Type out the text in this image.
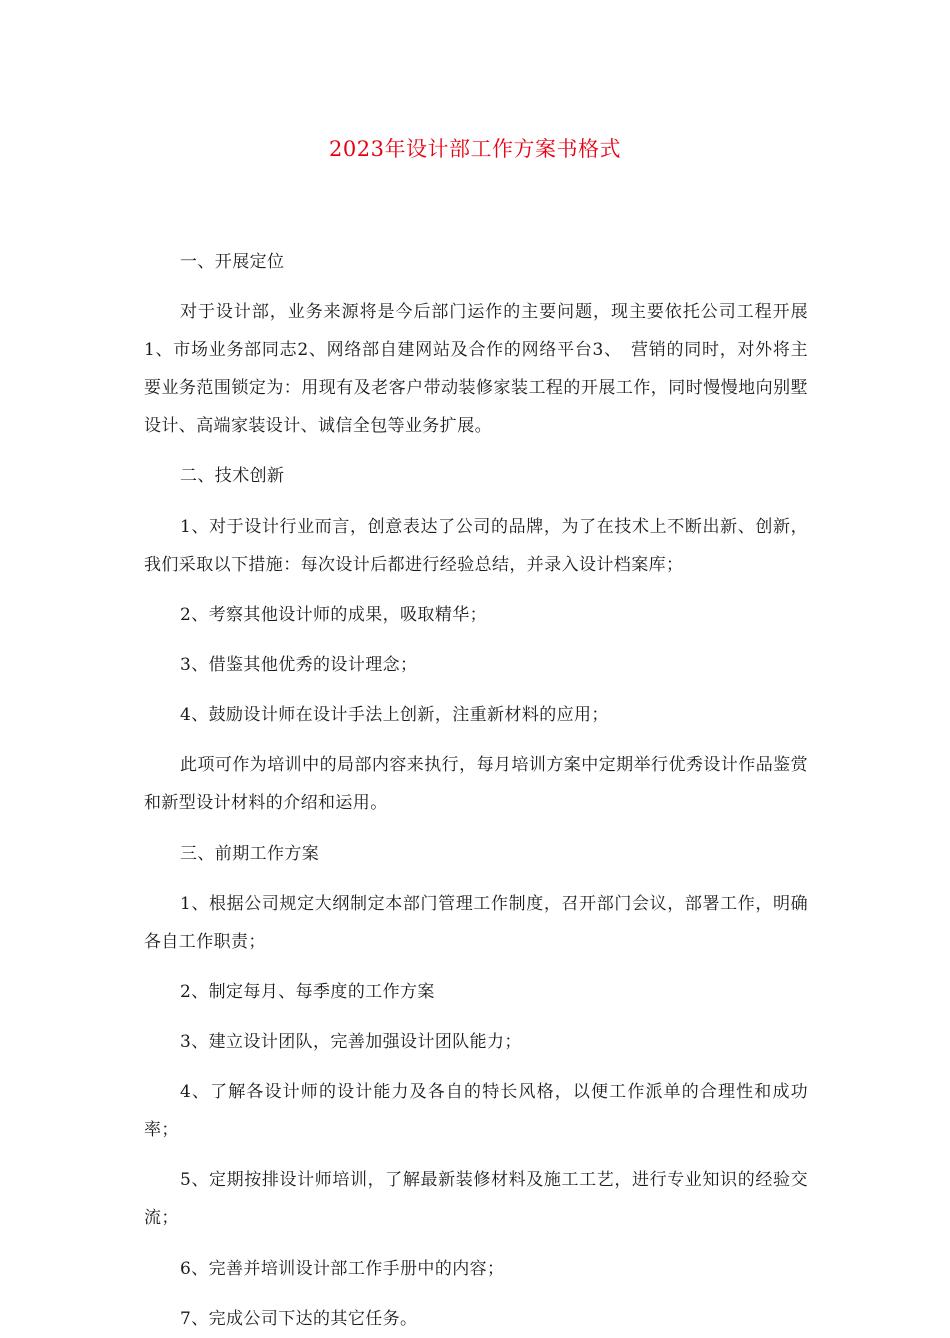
2023年设计部工作方案书格式

一、开展定位

对于设计部，业务来源将是今后部门运作的主要问题，现主要依托公司工程开展1、市场业务部同志2、网络部自建网站及合作的网络平台3、　营销的同时，对外将主要业务范围锁定为：用现有及老客户带动装修家装工程的开展工作，同时慢慢地向别墅设计、高端家装设计、诚信全包等业务扩展。

二、技术创新

1、对于设计行业而言，创意表达了公司的品牌，为了在技术上不断出新、创新，我们采取以下措施：每次设计后都进行经验总结，并录入设计档案库；

2、考察其他设计师的成果，吸取精华；

3、借鉴其他优秀的设计理念；

4、鼓励设计师在设计手法上创新，注重新材料的应用；

此项可作为培训中的局部内容来执行，每月培训方案中定期举行优秀设计作品鉴赏和新型设计材料的介绍和运用。

三、前期工作方案

1、根据公司规定大纲制定本部门管理工作制度，召开部门会议，部署工作，明确各自工作职责；

2、制定每月、每季度的工作方案

3、建立设计团队，完善加强设计团队能力；

4、了解各设计师的设计能力及各自的特长风格，以便工作派单的合理性和成功率；

5、定期按排设计师培训，了解最新装修材料及施工工艺，进行专业知识的经验交流；

6、完善并培训设计部工作手册中的内容；

7、完成公司下达的其它任务。
